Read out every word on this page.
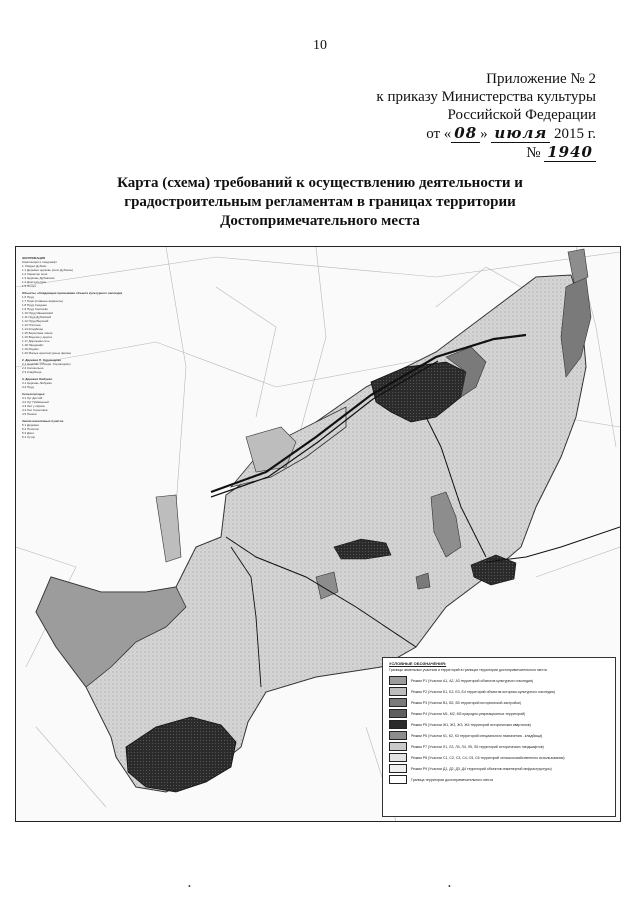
10
Приложение № 2
к приказу Министерства культуры
Российской Федерации
от « 08 » июля 2015 г.
№ 1940
Карта (схема) требований к осуществлению деятельности и
градостроительным регламентам в границах территории
Достопримечательного места
ЭКСПЛИКАЦИЯ
Композиция и ландшафт
1. Раздел Дубово
1.1 Деревня церковь (село Дубовое)
1.2 Характер села
1.3 Церковь Дубовская
1.4 Дом культуры
1.5 Погост
Объекты, обладающие признаками объекта культурного наследия
1.6 Пруд
1.7 Парк (плавные варианты)
1.8 Пруд Среднее
1.9 Пруд Сергиево
1.10 Пруд Ивановский
1.11 Пруд Дубовский
1.12 Пруд Верхний
1.13 Плотина
1.14 Кладбище
1.15 Береговая линия
1.16 Водоем у дороги
1.17 Дорожная сеть
1.18 Ландшафт
1.19 Родник
1.20 Малые архитектурные формы
2. Деревня Л. Хороводово
2.1 Церковь (Обсерв. Хороводово)
2.2 Колокольня
2.3 Кладбище
3. Деревня Любуево
3.1 Церковь Любуево
3.2 Пруд
Сельхозугодья
4.1 Луг Долгий
4.2 Луг Пойменный
4.3 Лес у оврага
4.4 Лес Гореловка
4.5 Пашня
Земли населённых пунктов
5.1 Деревня
5.2 Посёлок
5.3 Дачи
5.4 Хутор
УСЛОВНЫЕ ОБОЗНАЧЕНИЯ:
Границы земельных участков и территорий в границах территории достопримечательного места
Режим Р1 (Участки А1, А2, А3 территорий объектов культурного наследия)
Режим Р2 (Участки Б1, Б2, Б3, Б4 территорий объектов историко-культурного наследия)
Режим Р3 (Участки В1, В2, В3 территорий исторической застройки)
Режим Р4 (Участки М1, М2, М3 природно-рекреационных территорий)
Режим Р5 (Участки Ж1, Ж2, Ж3, Ж4 территорий исторических кварталов)
Режим Р6 (Участки К1, К2, К3 территорий специального назначения - кладбища)
Режим Р7 (Участки Л1, Л2, Л3, Л4, Л5, Л6 территорий исторических ландшафтов)
Режим Р8 (Участки С1, С2, С3, С4, С5, С6 территорий сельскохозяйственного использования)
Режим Р9 (Участки Д1, Д2, Д3, Д4 территорий объектов инженерной инфраструктуры)
Граница территории достопримечательного места
•	•
